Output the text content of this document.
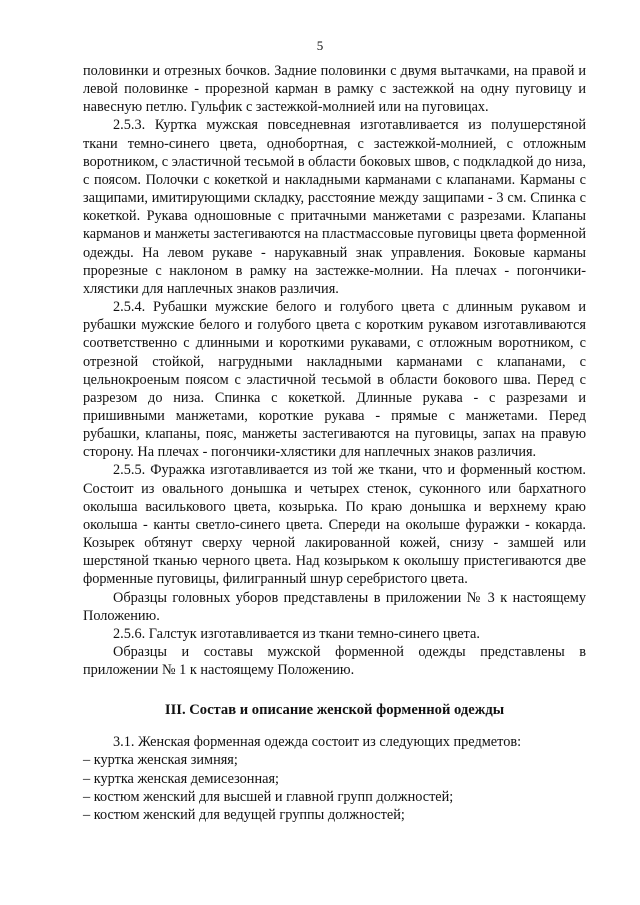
5

половинки и отрезных бочков. Задние половинки с двумя вытачками, на правой и левой половинке - прорезной карман в рамку с застежкой на одну пуговицу и навесную петлю. Гульфик с застежкой-молнией или на пуговицах.

2.5.3. Куртка мужская повседневная изготавливается из полушерстяной ткани темно-синего цвета, однобортная, с застежкой-молнией, с отложным воротником, с эластичной тесьмой в области боковых швов, с подкладкой до низа, с поясом. Полочки с кокеткой и накладными карманами с клапанами. Карманы с защипами, имитирующими складку, расстояние между защипами - 3 см. Спинка с кокеткой. Рукава одношовные с притачными манжетами с разрезами. Клапаны карманов и манжеты застегиваются на пластмассовые пуговицы цвета форменной одежды. На левом рукаве - нарукавный знак управления. Боковые карманы прорезные с наклоном в рамку на застежке-молнии. На плечах - погончики-хлястики для наплечных знаков различия.

2.5.4. Рубашки мужские белого и голубого цвета с длинным рукавом и рубашки мужские белого и голубого цвета с коротким рукавом изготавливаются соответственно с длинными и короткими рукавами, с отложным воротником, с отрезной стойкой, нагрудными накладными карманами с клапанами, с цельнокроеным поясом с эластичной тесьмой в области бокового шва. Перед с разрезом до низа. Спинка с кокеткой. Длинные рукава - с разрезами и пришивными манжетами, короткие рукава - прямые с манжетами. Перед рубашки, клапаны, пояс, манжеты застегиваются на пуговицы, запах на правую сторону. На плечах - погончики-хлястики для наплечных знаков различия.

2.5.5. Фуражка изготавливается из той же ткани, что и форменный костюм. Состоит из овального донышка и четырех стенок, суконного или бархатного околыша василькового цвета, козырька. По краю донышка и верхнему краю околыша - канты светло-синего цвета. Спереди на околыше фуражки - кокарда. Козырек обтянут сверху черной лакированной кожей, снизу - замшей или шерстяной тканью черного цвета. Над козырьком к околышу пристегиваются две форменные пуговицы, филигранный шнур серебристого цвета.

Образцы головных уборов представлены в приложении № 3 к настоящему Положению.

2.5.6. Галстук изготавливается из ткани темно-синего цвета.

Образцы и составы мужской форменной одежды представлены в приложении № 1 к настоящему Положению.

III. Состав и описание женской форменной одежды

3.1. Женская форменная одежда состоит из следующих предметов:

– куртка женская зимняя;
– куртка женская демисезонная;
– костюм женский для высшей и главной групп должностей;
– костюм женский для ведущей группы должностей;
